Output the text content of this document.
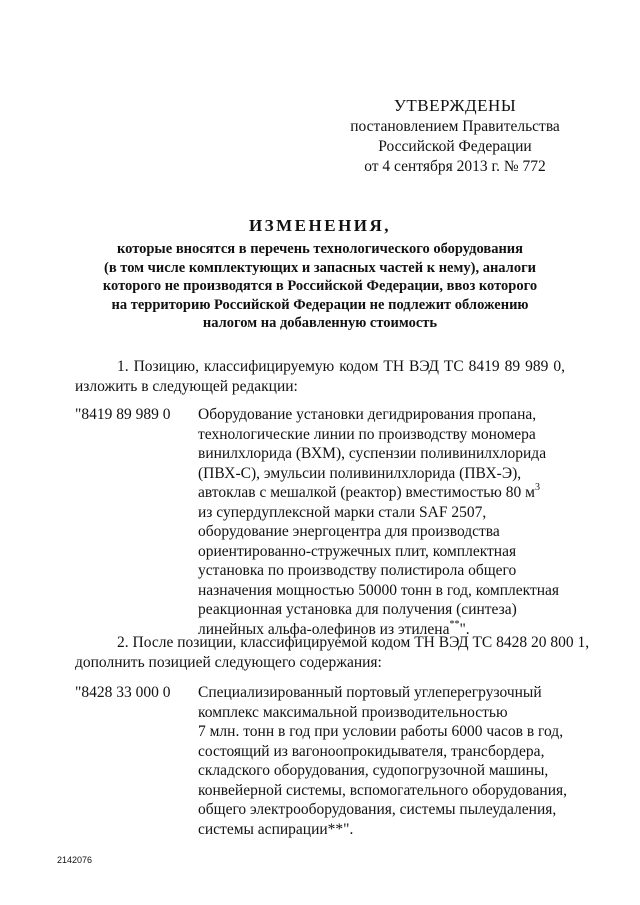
УТВЕРЖДЕНЫ
постановлением Правительства
Российской Федерации
от 4 сентября 2013 г. № 772
ИЗМЕНЕНИЯ,
которые вносятся в перечень технологического оборудования
(в том числе комплектующих и запасных частей к нему), аналоги
которого не производятся в Российской Федерации, ввоз которого
на территорию Российской Федерации не подлежит обложению
налогом на добавленную стоимость
1. Позицию, классифицируемую кодом ТН ВЭД ТС 8419 89 989 0,
изложить в следующей редакции:
"8419 89 989 0 Оборудование установки дегидрирования пропана,
технологические линии по производству мономера
винилхлорида (ВХМ), суспензии поливинилхлорида
(ПВХ-С), эмульсии поливинилхлорида (ПВХ-Э),
автоклав с мешалкой (реактор) вместимостью 80 $м^3$
из супердуплексной марки стали SAF 2507,
оборудование энергоцентра для производства
ориентированно-стружечных плит, комплектная
установка по производству полистирола общего
назначения мощностью 50000 тонн в год, комплектная
реакционная установка для получения (синтеза)
линейных альфа-олефинов из этилена**".
2. После позиции, классифицируемой кодом ТН ВЭД ТС 8428 20 800 1,
дополнить позицией следующего содержания:
"8428 33 000 0 Специализированный портовый углеперегрузочный
комплекс максимальной производительностью
7 млн. тонн в год при условии работы 6000 часов в год,
состоящий из вагоноопрокидывателя, трансбордера,
складского оборудования, судопогрузочной машины,
конвейерной системы, вспомогательного оборудования,
общего электрооборудования, системы пылеудаления,
системы аспирации**".
2142076
